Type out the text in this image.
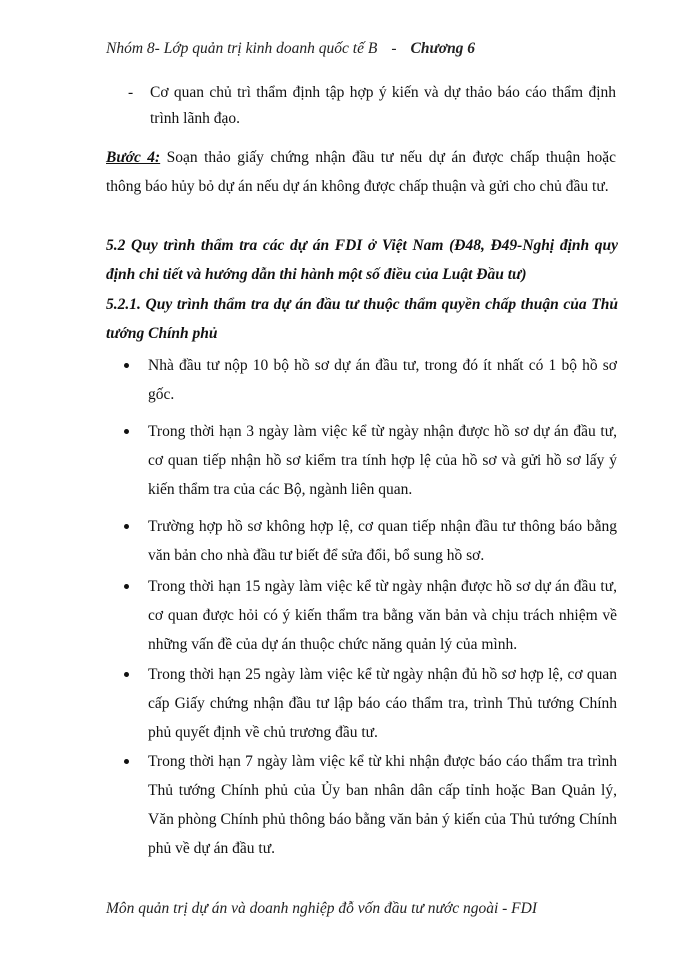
Nhóm 8- Lớp quản trị kinh doanh quốc tế B - Chương 6
- Cơ quan chủ trì thẩm định tập hợp ý kiến và dự thảo báo cáo thẩm định trình lãnh đạo.
Bước 4: Soạn thảo giấy chứng nhận đầu tư nếu dự án được chấp thuận hoặc thông báo hủy bỏ dự án nếu dự án không được chấp thuận và gửi cho chủ đầu tư.
5.2 Quy trình thẩm tra các dự án FDI ở Việt Nam (Đ48, Đ49-Nghị định quy định chi tiết và hướng dẫn thi hành một số điều của Luật Đầu tư)
5.2.1. Quy trình thẩm tra dự án đầu tư thuộc thẩm quyền chấp thuận của Thủ tướng Chính phủ
Nhà đầu tư nộp 10 bộ hồ sơ dự án đầu tư, trong đó ít nhất có 1 bộ hồ sơ gốc.
Trong thời hạn 3 ngày làm việc kể từ ngày nhận được hồ sơ dự án đầu tư, cơ quan tiếp nhận hồ sơ kiểm tra tính hợp lệ của hồ sơ và gửi hồ sơ lấy ý kiến thẩm tra của các Bộ, ngành liên quan.
Trường hợp hồ sơ không hợp lệ, cơ quan tiếp nhận đầu tư thông báo bằng văn bản cho nhà đầu tư biết để sửa đổi, bổ sung hồ sơ.
Trong thời hạn 15 ngày làm việc kể từ ngày nhận được hồ sơ dự án đầu tư, cơ quan được hỏi có ý kiến thẩm tra bằng văn bản và chịu trách nhiệm về những vấn đề của dự án thuộc chức năng quản lý của mình.
Trong thời hạn 25 ngày làm việc kể từ ngày nhận đủ hồ sơ hợp lệ, cơ quan cấp Giấy chứng nhận đầu tư lập báo cáo thẩm tra, trình Thủ tướng Chính phủ quyết định về chủ trương đầu tư.
Trong thời hạn 7 ngày làm việc kể từ khi nhận được báo cáo thẩm tra trình Thủ tướng Chính phủ của Ủy ban nhân dân cấp tỉnh hoặc Ban Quản lý, Văn phòng Chính phủ thông báo bằng văn bản ý kiến của Thủ tướng Chính phủ về dự án đầu tư.
Môn quản trị dự án và doanh nghiệp đỗ vốn đầu tư nước ngoài - FDI
